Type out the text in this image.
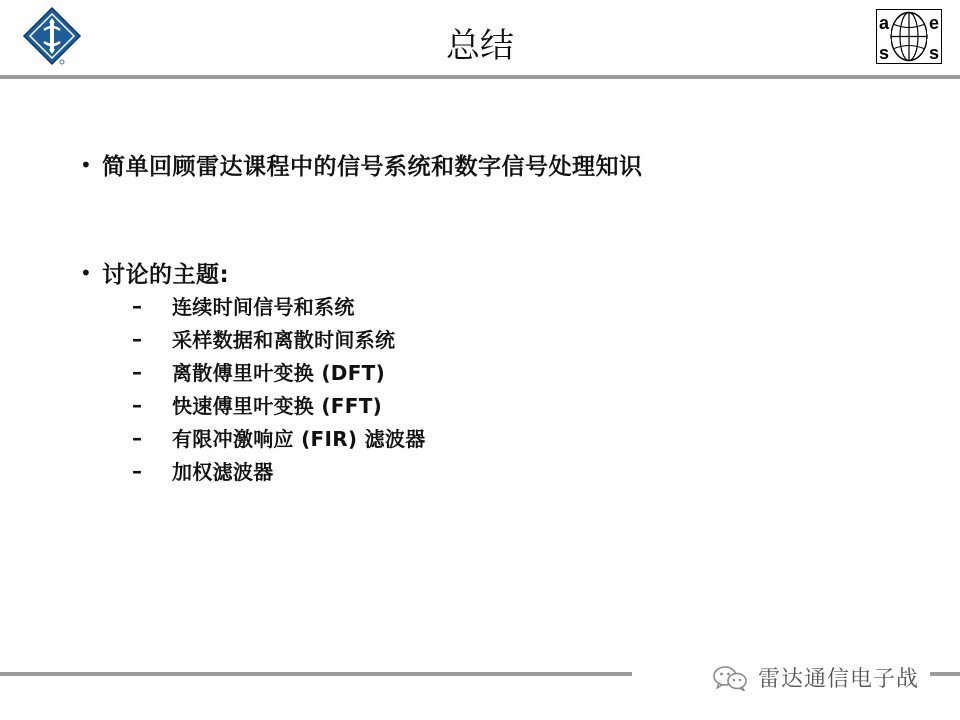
总结
a e
s s
• 简单回顾雷达课程中的信号系统和数字信号处理知识
• 讨论的主题:
–	连续时间信号和系统
–	采样数据和离散时间系统
–	离散傅里叶变换 (DFT)
–	快速傅里叶变换 (FFT)
–	有限冲激响应 (FIR) 滤波器
–	加权滤波器
雷达通信电子战
